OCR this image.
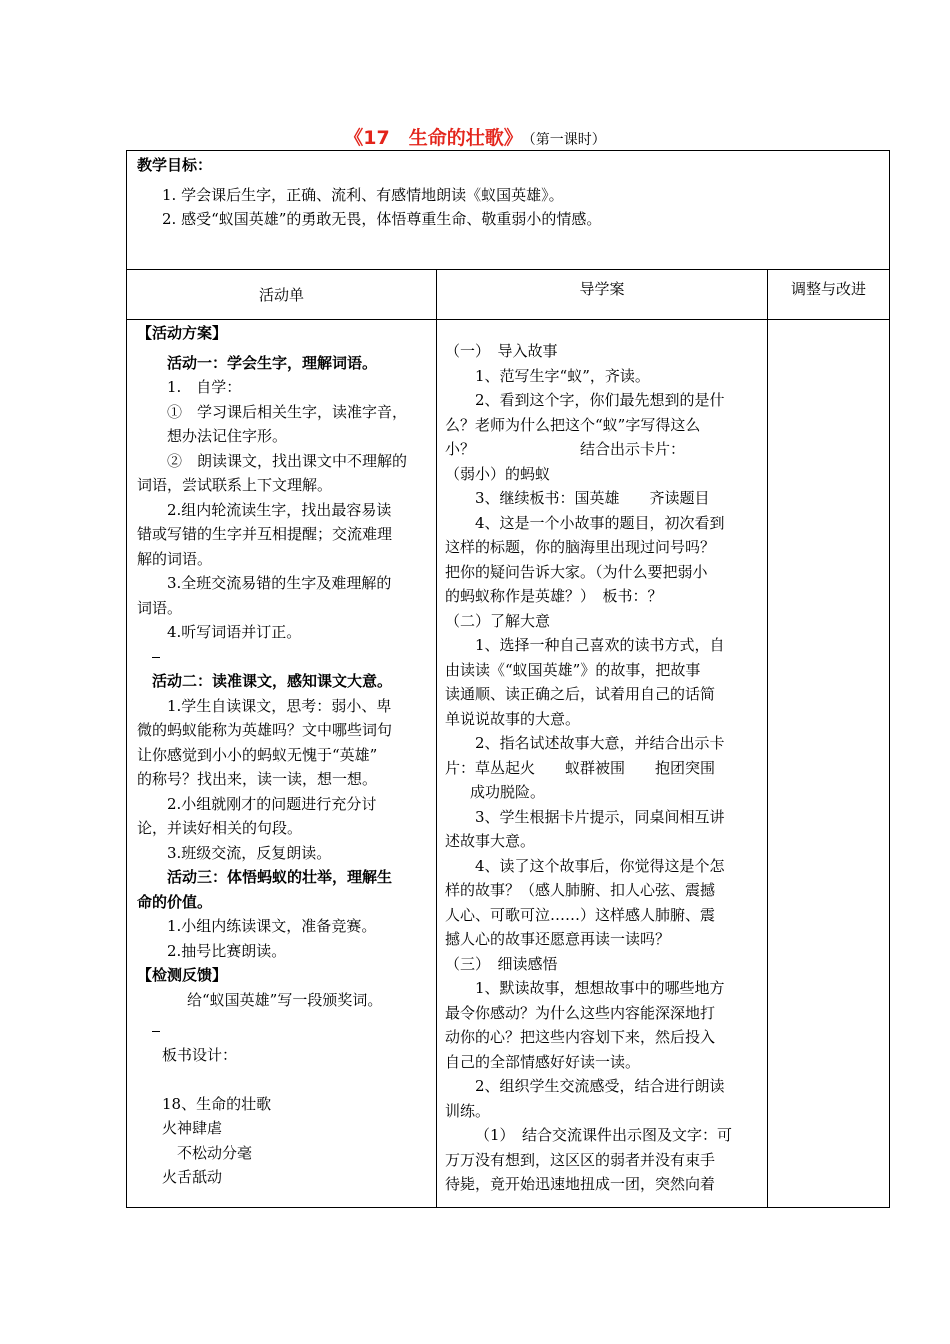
《17　生命的壮歌》 （第一课时）

教学目标：

1. 学会课后生字，正确、流利、有感情地朗读《蚁国英雄》。

2. 感受“蚁国英雄”的勇敢无畏，体悟尊重生命、敬重弱小的情感。

活动单	导学案	调整与改进

【活动方案】

活动一：学会生字，理解词语。

1.　自学：

①　学习课后相关生字，读准字音，

想办法记住字形。

②　朗读课文，找出课文中不理解的

词语，尝试联系上下文理解。

2.组内轮流读生字，找出最容易读

错或写错的生字并互相提醒；交流难理

解的词语。

3.全班交流易错的生字及难理解的

词语。

4.听写词语并订正。

活动二：读准课文，感知课文大意。

1.学生自读课文，思考：弱小、卑

微的蚂蚁能称为英雄吗？文中哪些词句

让你感觉到小小的蚂蚁无愧于“英雄”

的称号？找出来，读一读，想一想。

2.小组就刚才的问题进行充分讨

论，并读好相关的句段。

3.班级交流，反复朗读。

活动三：体悟蚂蚁的壮举，理解生

命的价值。

1.小组内练读课文，准备竞赛。

2.抽号比赛朗读。

【检测反馈】

给“蚁国英雄”写一段颁奖词。

板书设计：

18、生命的壮歌

火神肆虐

不松动分毫

火舌舐动

（一）　导入故事

1、范写生字“蚁”，齐读。

2、看到这个字，你们最先想到的是什

么？老师为什么把这个“蚁”字写得这么

小？　　　　　　　结合出示卡片：

（弱小）的蚂蚁

3、继续板书：国英雄　　齐读题目

4、这是一个小故事的题目，初次看到

这样的标题，你的脑海里出现过问号吗？

把你的疑问告诉大家。（为什么要把弱小

的蚂蚁称作是英雄？）　板书：？

（二）了解大意

1、选择一种自己喜欢的读书方式，自

由读读《“蚁国英雄”》的故事，把故事

读通顺、读正确之后，试着用自己的话简

单说说故事的大意。

2、指名试述故事大意，并结合出示卡

片：草丛起火　　蚁群被围　　抱团突围

成功脱险。

3、学生根据卡片提示，同桌间相互讲

述故事大意。

4、读了这个故事后，你觉得这是个怎

样的故事？（感人肺腑、扣人心弦、震撼

人心、可歌可泣……）这样感人肺腑、震

撼人心的故事还愿意再读一读吗？

（三）　细读感悟

1、默读故事，想想故事中的哪些地方

最令你感动？为什么这些内容能深深地打

动你的心？把这些内容划下来，然后投入

自己的全部情感好好读一读。

2、组织学生交流感受，结合进行朗读

训练。

（1）　结合交流课件出示图及文字：可

万万没有想到，这区区的弱者并没有束手

待毙，竟开始迅速地扭成一团，突然向着
